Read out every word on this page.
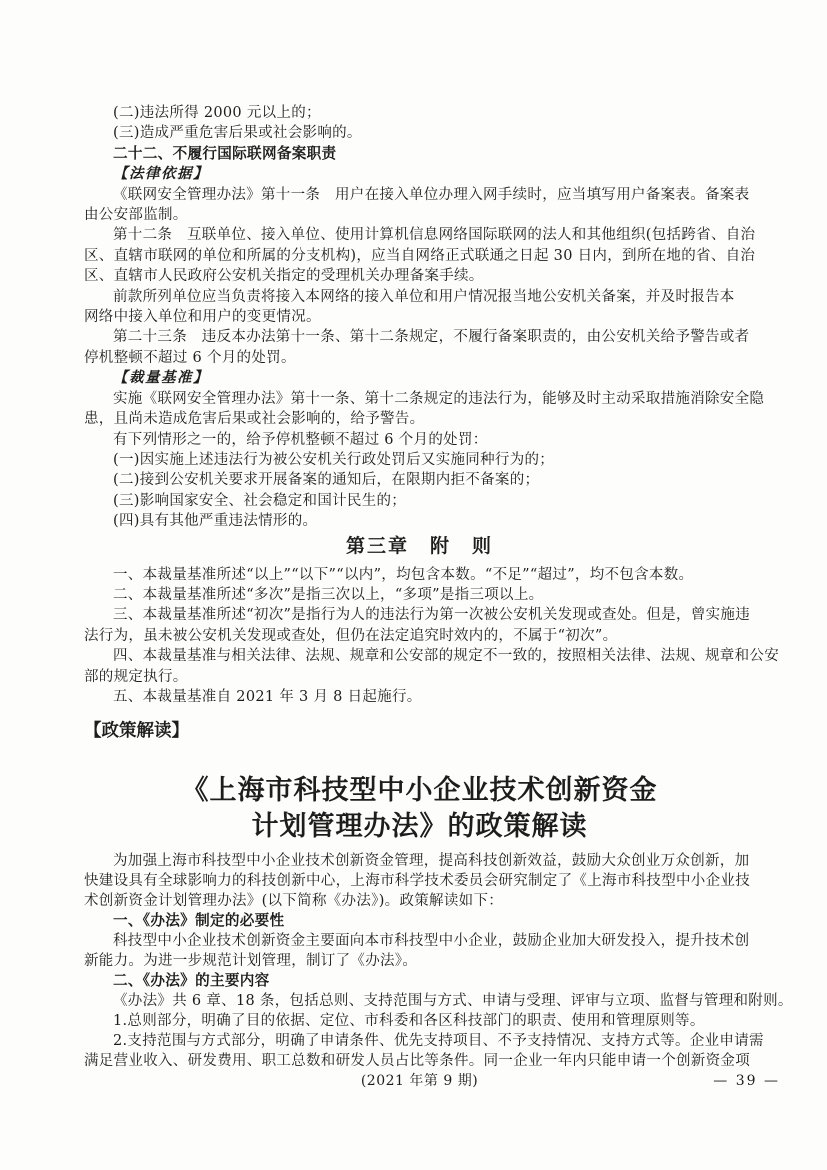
(二)违法所得 2000 元以上的；
(三)造成严重危害后果或社会影响的。
二十二、不履行国际联网备案职责
【法律依据】
《联网安全管理办法》第十一条　用户在接入单位办理入网手续时，应当填写用户备案表。备案表
由公安部监制。
第十二条　互联单位、接入单位、使用计算机信息网络国际联网的法人和其他组织(包括跨省、自治
区、直辖市联网的单位和所属的分支机构)，应当自网络正式联通之日起 30 日内，到所在地的省、自治
区、直辖市人民政府公安机关指定的受理机关办理备案手续。
前款所列单位应当负责将接入本网络的接入单位和用户情况报当地公安机关备案，并及时报告本
网络中接入单位和用户的变更情况。
第二十三条　违反本办法第十一条、第十二条规定，不履行备案职责的，由公安机关给予警告或者
停机整顿不超过 6 个月的处罚。
【裁量基准】
实施《联网安全管理办法》第十一条、第十二条规定的违法行为，能够及时主动采取措施消除安全隐
患，且尚未造成危害后果或社会影响的，给予警告。
有下列情形之一的，给予停机整顿不超过 6 个月的处罚：
(一)因实施上述违法行为被公安机关行政处罚后又实施同种行为的；
(二)接到公安机关要求开展备案的通知后，在限期内拒不备案的；
(三)影响国家安全、社会稳定和国计民生的；
(四)具有其他严重违法情形的。
第三章　附　则
一、本裁量基准所述“以上”“以下”“以内”，均包含本数。“不足”“超过”，均不包含本数。
二、本裁量基准所述“多次”是指三次以上，“多项”是指三项以上。
三、本裁量基准所述“初次”是指行为人的违法行为第一次被公安机关发现或查处。但是，曾实施违
法行为，虽未被公安机关发现或查处，但仍在法定追究时效内的，不属于“初次”。
四、本裁量基准与相关法律、法规、规章和公安部的规定不一致的，按照相关法律、法规、规章和公安
部的规定执行。
五、本裁量基准自 2021 年 3 月 8 日起施行。
【政策解读】
《上海市科技型中小企业技术创新资金
计划管理办法》的政策解读
为加强上海市科技型中小企业技术创新资金管理，提高科技创新效益，鼓励大众创业万众创新，加
快建设具有全球影响力的科技创新中心，上海市科学技术委员会研究制定了《上海市科技型中小企业技
术创新资金计划管理办法》(以下简称《办法》)。政策解读如下：
一、《办法》制定的必要性
科技型中小企业技术创新资金主要面向本市科技型中小企业，鼓励企业加大研发投入，提升技术创
新能力。为进一步规范计划管理，制订了《办法》。
二、《办法》的主要内容
《办法》共 6 章、18 条，包括总则、支持范围与方式、申请与受理、评审与立项、监督与管理和附则。
1.总则部分，明确了目的依据、定位、市科委和各区科技部门的职责、使用和管理原则等。
2.支持范围与方式部分，明确了申请条件、优先支持项目、不予支持情况、支持方式等。企业申请需
满足营业收入、研发费用、职工总数和研发人员占比等条件。同一企业一年内只能申请一个创新资金项
(2021 年第 9 期)	— 39 —
